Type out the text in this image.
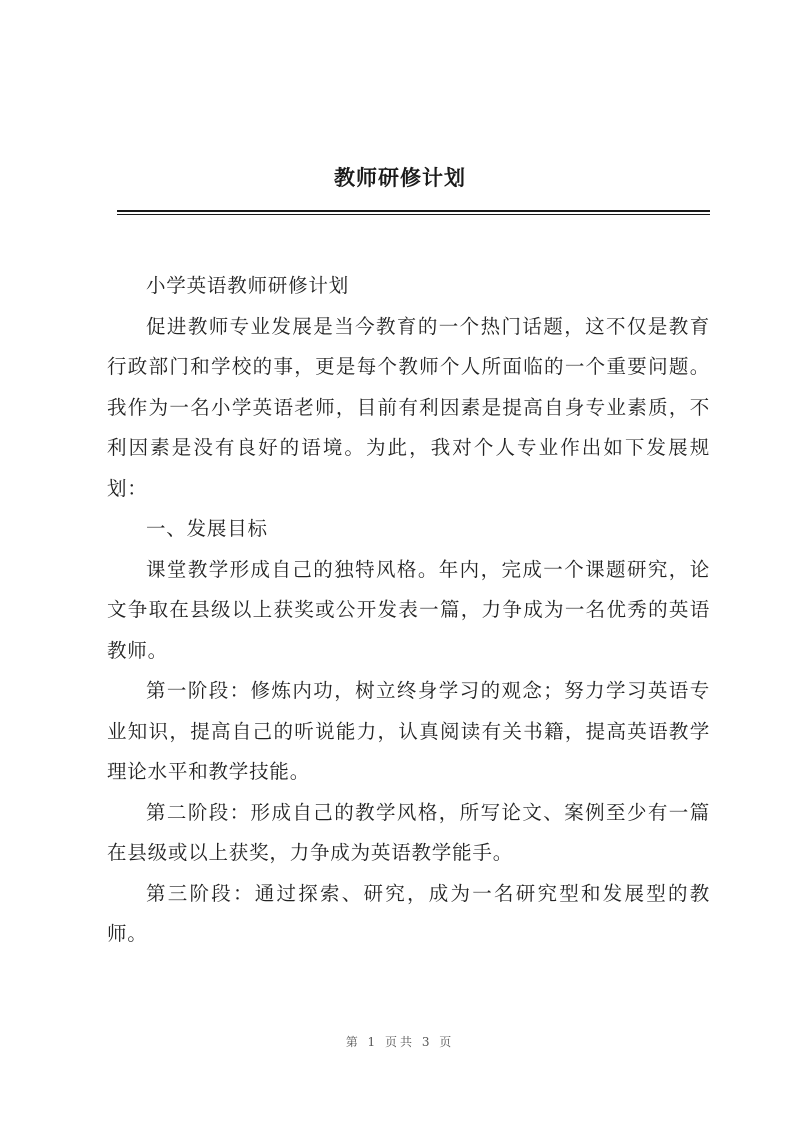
教师研修计划

小学英语教师研修计划

促进教师专业发展是当今教育的一个热门话题，这不仅是教育行政部门和学校的事，更是每个教师个人所面临的一个重要问题。我作为一名小学英语老师，目前有利因素是提高自身专业素质，不利因素是没有良好的语境。为此，我对个人专业作出如下发展规划：

一、发展目标

课堂教学形成自己的独特风格。年内，完成一个课题研究，论文争取在县级以上获奖或公开发表一篇，力争成为一名优秀的英语教师。

第一阶段：修炼内功，树立终身学习的观念；努力学习英语专业知识，提高自己的听说能力，认真阅读有关书籍，提高英语教学理论水平和教学技能。

第二阶段：形成自己的教学风格，所写论文、案例至少有一篇在县级或以上获奖，力争成为英语教学能手。

第三阶段：通过探索、研究，成为一名研究型和发展型的教师。

第 1 页共 3 页
